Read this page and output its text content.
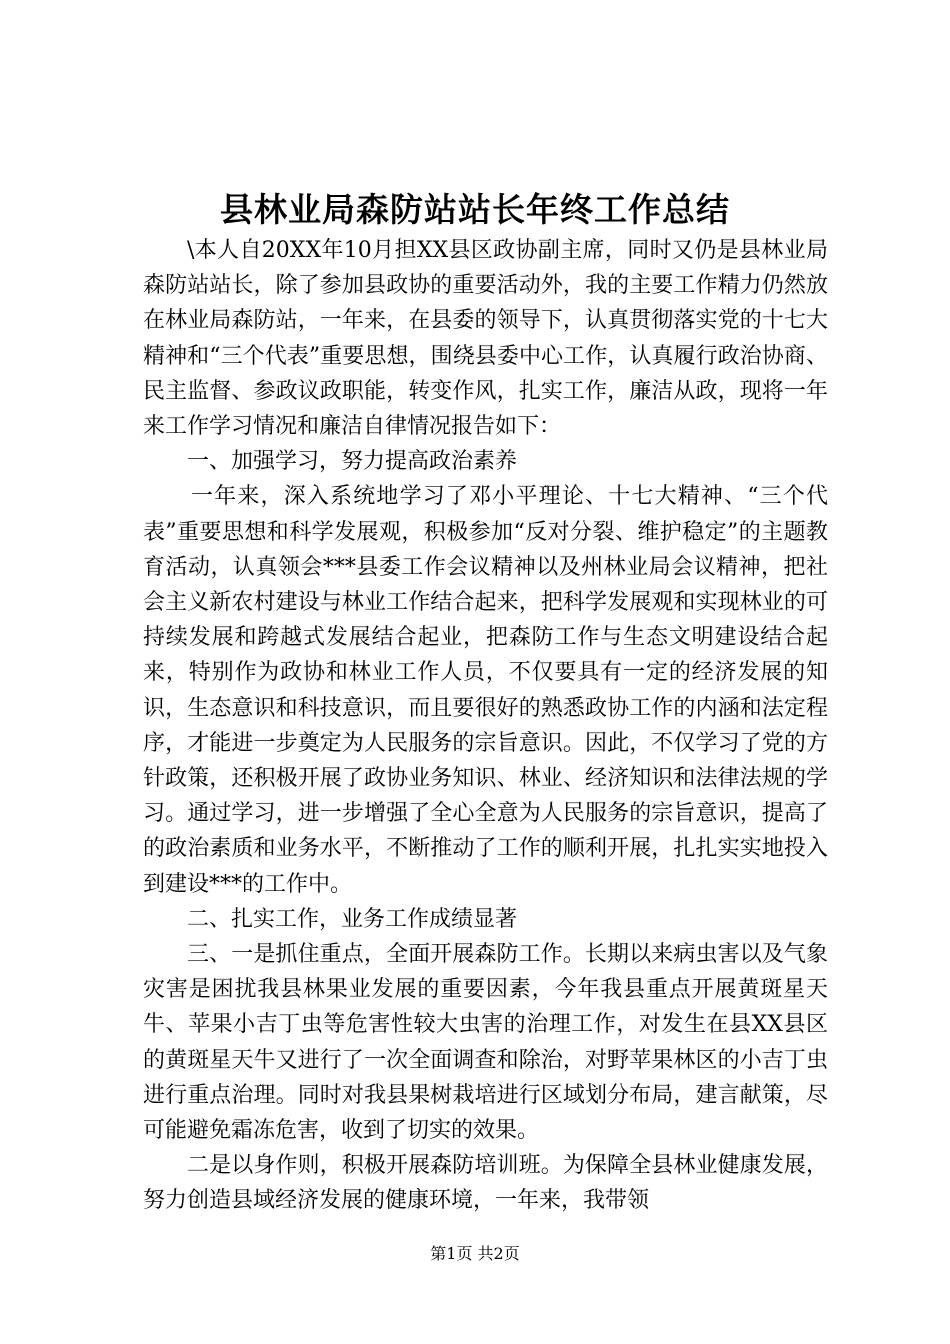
县林业局森防站站长年终工作总结

\本人自20XX年10月担XX县区政协副主席，同时又仍是县林业局森防站站长，除了参加县政协的重要活动外，我的主要工作精力仍然放在林业局森防站，一年来，在县委的领导下，认真贯彻落实党的十七大精神和“三个代表”重要思想，围绕县委中心工作，认真履行政治协商、民主监督、参政议政职能，转变作风，扎实工作，廉洁从政，现将一年来工作学习情况和廉洁自律情况报告如下：

一、加强学习，努力提高政治素养

一年来，深入系统地学习了邓小平理论、十七大精神、“三个代表”重要思想和科学发展观，积极参加“反对分裂、维护稳定”的主题教育活动，认真领会***县委工作会议精神以及州林业局会议精神，把社会主义新农村建设与林业工作结合起来，把科学发展观和实现林业的可持续发展和跨越式发展结合起业，把森防工作与生态文明建设结合起来，特别作为政协和林业工作人员，不仅要具有一定的经济发展的知识，生态意识和科技意识，而且要很好的熟悉政协工作的内涵和法定程序，才能进一步奠定为人民服务的宗旨意识。因此，不仅学习了党的方针政策，还积极开展了政协业务知识、林业、经济知识和法律法规的学习。通过学习，进一步增强了全心全意为人民服务的宗旨意识，提高了的政治素质和业务水平，不断推动了工作的顺利开展，扎扎实实地投入到建设***的工作中。

二、扎实工作，业务工作成绩显著

三、一是抓住重点，全面开展森防工作。长期以来病虫害以及气象灾害是困扰我县林果业发展的重要因素，今年我县重点开展黄斑星天牛、苹果小吉丁虫等危害性较大虫害的治理工作，对发生在县XX县区的黄斑星天牛又进行了一次全面调查和除治，对野苹果林区的小吉丁虫进行重点治理。同时对我县果树栽培进行区域划分布局，建言献策，尽可能避免霜冻危害，收到了切实的效果。

二是以身作则，积极开展森防培训班。为保障全县林业健康发展，努力创造县域经济发展的健康环境，一年来，我带领

第1页 共2页
